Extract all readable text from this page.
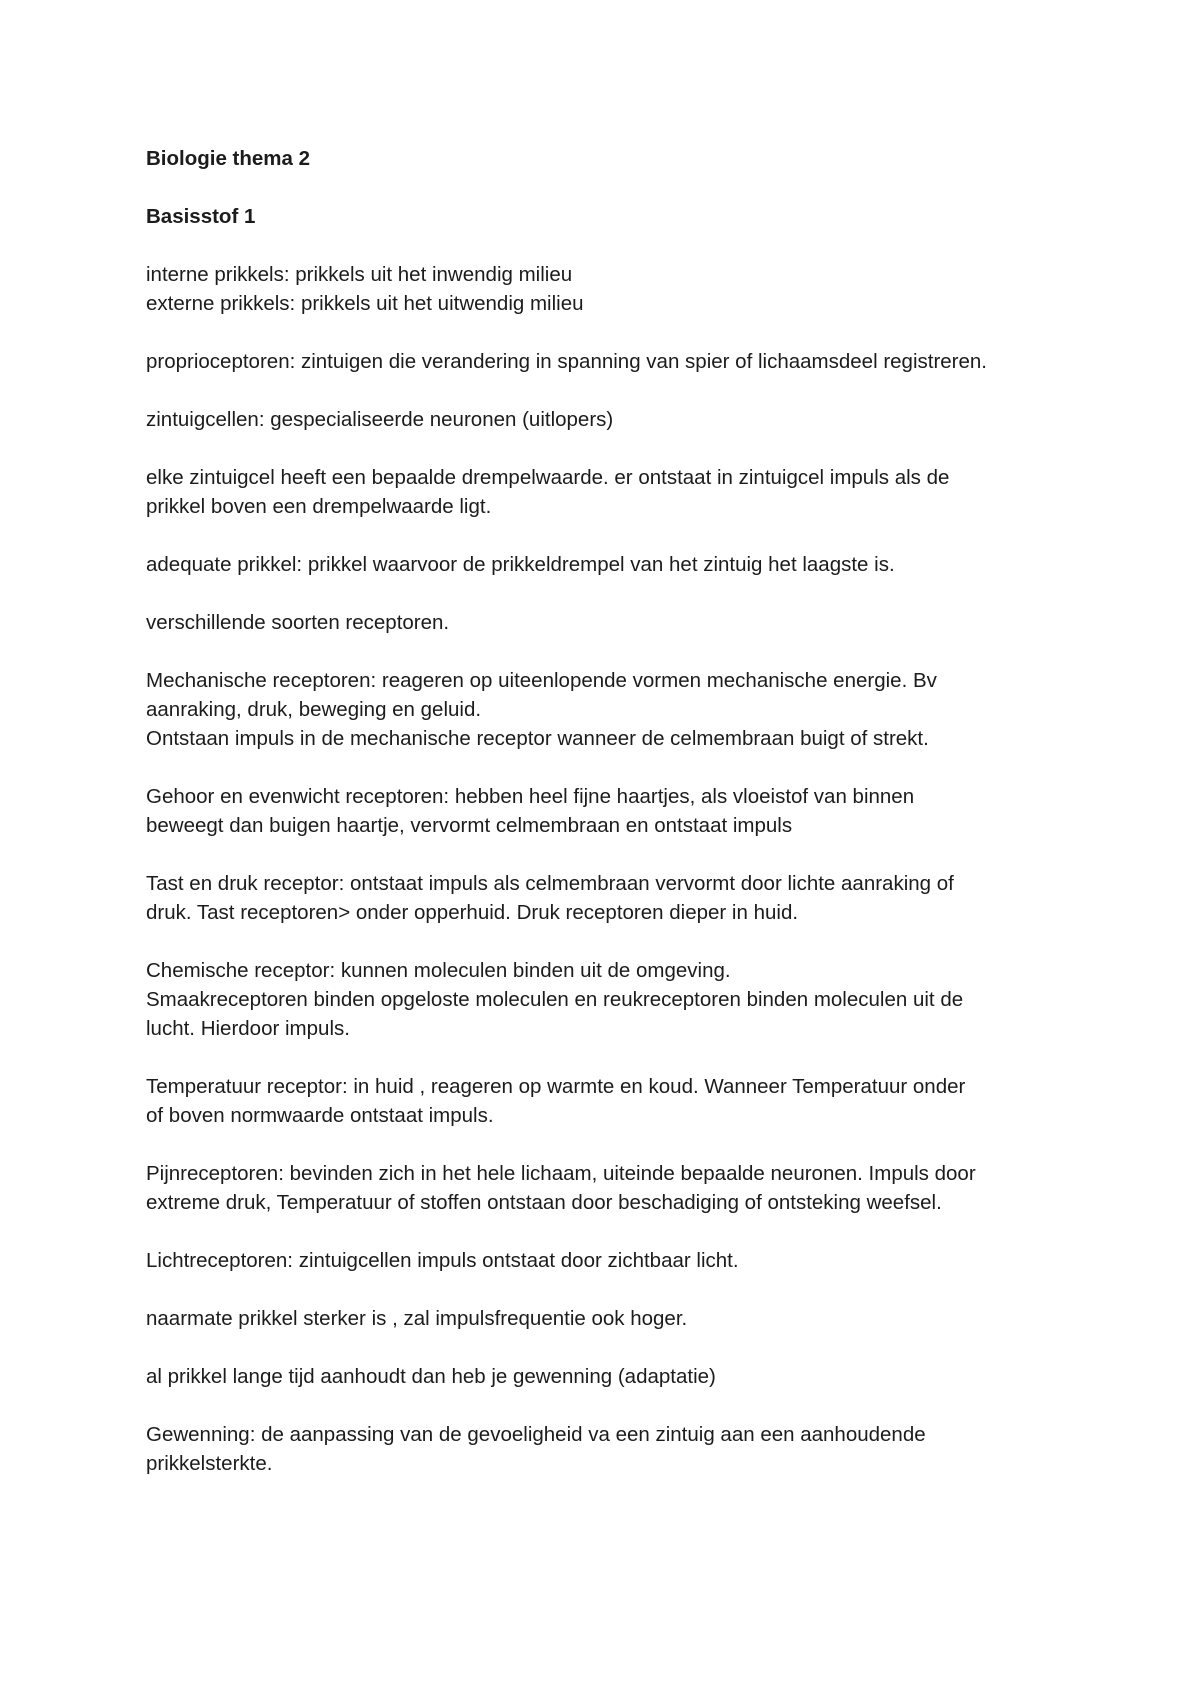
Biologie thema 2
Basisstof 1
interne prikkels: prikkels uit het inwendig milieu
externe prikkels: prikkels uit het uitwendig milieu
proprioceptoren: zintuigen die verandering in spanning van spier of lichaamsdeel registreren.
zintuigcellen: gespecialiseerde neuronen (uitlopers)
elke zintuigcel heeft een bepaalde drempelwaarde. er ontstaat in zintuigcel impuls als de
prikkel boven een drempelwaarde ligt.
adequate prikkel: prikkel waarvoor de prikkeldrempel van het zintuig het laagste is.
verschillende soorten receptoren.
Mechanische receptoren: reageren op uiteenlopende vormen mechanische energie. Bv
aanraking, druk, beweging en geluid.
Ontstaan impuls in de mechanische receptor wanneer de celmembraan buigt of strekt.
Gehoor en evenwicht receptoren: hebben heel fijne haartjes, als vloeistof van binnen
beweegt dan buigen haartje, vervormt celmembraan en ontstaat impuls
Tast en druk receptor: ontstaat impuls als celmembraan vervormt door lichte aanraking of
druk. Tast receptoren> onder opperhuid. Druk receptoren dieper in huid.
Chemische receptor: kunnen moleculen binden uit de omgeving.
Smaakreceptoren binden opgeloste moleculen en reukreceptoren binden moleculen uit de
lucht. Hierdoor impuls.
Temperatuur receptor: in huid , reageren op warmte en koud. Wanneer Temperatuur onder
of boven normwaarde ontstaat impuls.
Pijnreceptoren: bevinden zich in het hele lichaam, uiteinde bepaalde neuronen. Impuls door
extreme druk, Temperatuur of stoffen ontstaan door beschadiging of ontsteking weefsel.
Lichtreceptoren: zintuigcellen impuls ontstaat door zichtbaar licht.
naarmate prikkel sterker is , zal impulsfrequentie ook hoger.
al prikkel lange tijd aanhoudt dan heb je gewenning (adaptatie)
Gewenning: de aanpassing van de gevoeligheid va een zintuig aan een aanhoudende
prikkelsterkte.
